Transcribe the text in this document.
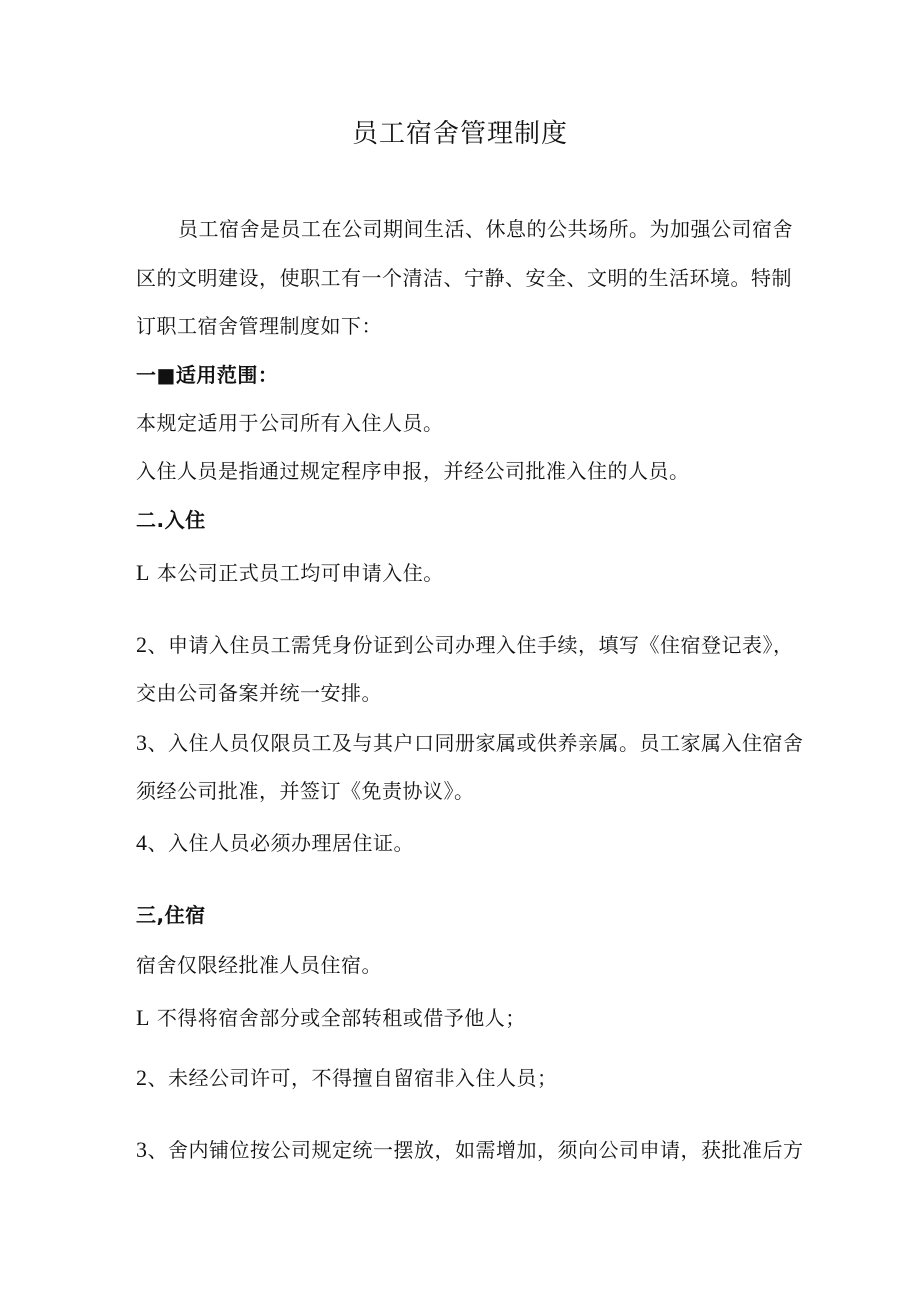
员工宿舍管理制度
员工宿舍是员工在公司期间生活、休息的公共场所。为加强公司宿舍
区的文明建设，使职工有一个清洁、宁静、安全、文明的生活环境。特制
订职工宿舍管理制度如下：
一■适用范围：
本规定适用于公司所有入住人员。
入住人员是指通过规定程序申报，并经公司批准入住的人员。
二.入住
L 本公司正式员工均可申请入住。
2、申请入住员工需凭身份证到公司办理入住手续，填写《住宿登记表》，
交由公司备案并统一安排。
3、入住人员仅限员工及与其户口同册家属或供养亲属。员工家属入住宿舍
须经公司批准，并签订《免责协议》。
4、入住人员必须办理居住证。
三,住宿
宿舍仅限经批准人员住宿。
L 不得将宿舍部分或全部转租或借予他人；
2、未经公司许可，不得擅自留宿非入住人员；
3、舍内铺位按公司规定统一摆放，如需增加，须向公司申请，获批准后方
